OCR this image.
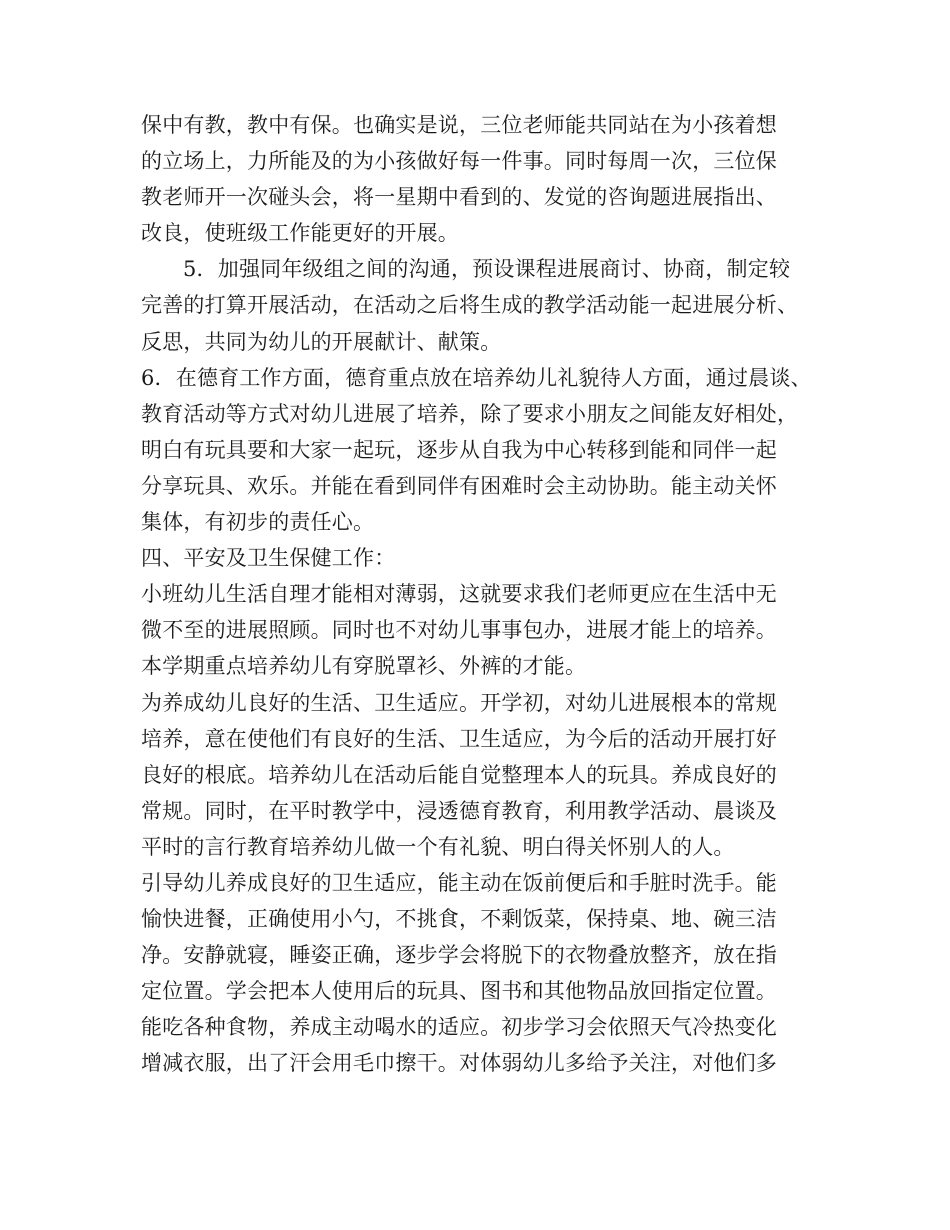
保中有教，教中有保。也确实是说，三位老师能共同站在为小孩着想
的立场上，力所能及的为小孩做好每一件事。同时每周一次，三位保
教老师开一次碰头会，将一星期中看到的、发觉的咨询题进展指出、
改良，使班级工作能更好的开展。
5．加强同年级组之间的沟通，预设课程进展商讨、协商，制定较
完善的打算开展活动，在活动之后将生成的教学活动能一起进展分析、
反思，共同为幼儿的开展献计、献策。
6．在德育工作方面，德育重点放在培养幼儿礼貌待人方面，通过晨谈、
教育活动等方式对幼儿进展了培养，除了要求小朋友之间能友好相处，
明白有玩具要和大家一起玩，逐步从自我为中心转移到能和同伴一起
分享玩具、欢乐。并能在看到同伴有困难时会主动协助。能主动关怀
集体，有初步的责任心。
四、平安及卫生保健工作：
小班幼儿生活自理才能相对薄弱，这就要求我们老师更应在生活中无
微不至的进展照顾。同时也不对幼儿事事包办，进展才能上的培养。
本学期重点培养幼儿有穿脱罩衫、外裤的才能。
为养成幼儿良好的生活、卫生适应。开学初，对幼儿进展根本的常规
培养，意在使他们有良好的生活、卫生适应，为今后的活动开展打好
良好的根底。培养幼儿在活动后能自觉整理本人的玩具。养成良好的
常规。同时，在平时教学中，浸透德育教育，利用教学活动、晨谈及
平时的言行教育培养幼儿做一个有礼貌、明白得关怀别人的人。
引导幼儿养成良好的卫生适应，能主动在饭前便后和手脏时洗手。能
愉快进餐，正确使用小勺，不挑食，不剩饭菜，保持桌、地、碗三洁
净。安静就寝，睡姿正确，逐步学会将脱下的衣物叠放整齐，放在指
定位置。学会把本人使用后的玩具、图书和其他物品放回指定位置。
能吃各种食物，养成主动喝水的适应。初步学习会依照天气冷热变化
增减衣服，出了汗会用毛巾擦干。对体弱幼儿多给予关注，对他们多
